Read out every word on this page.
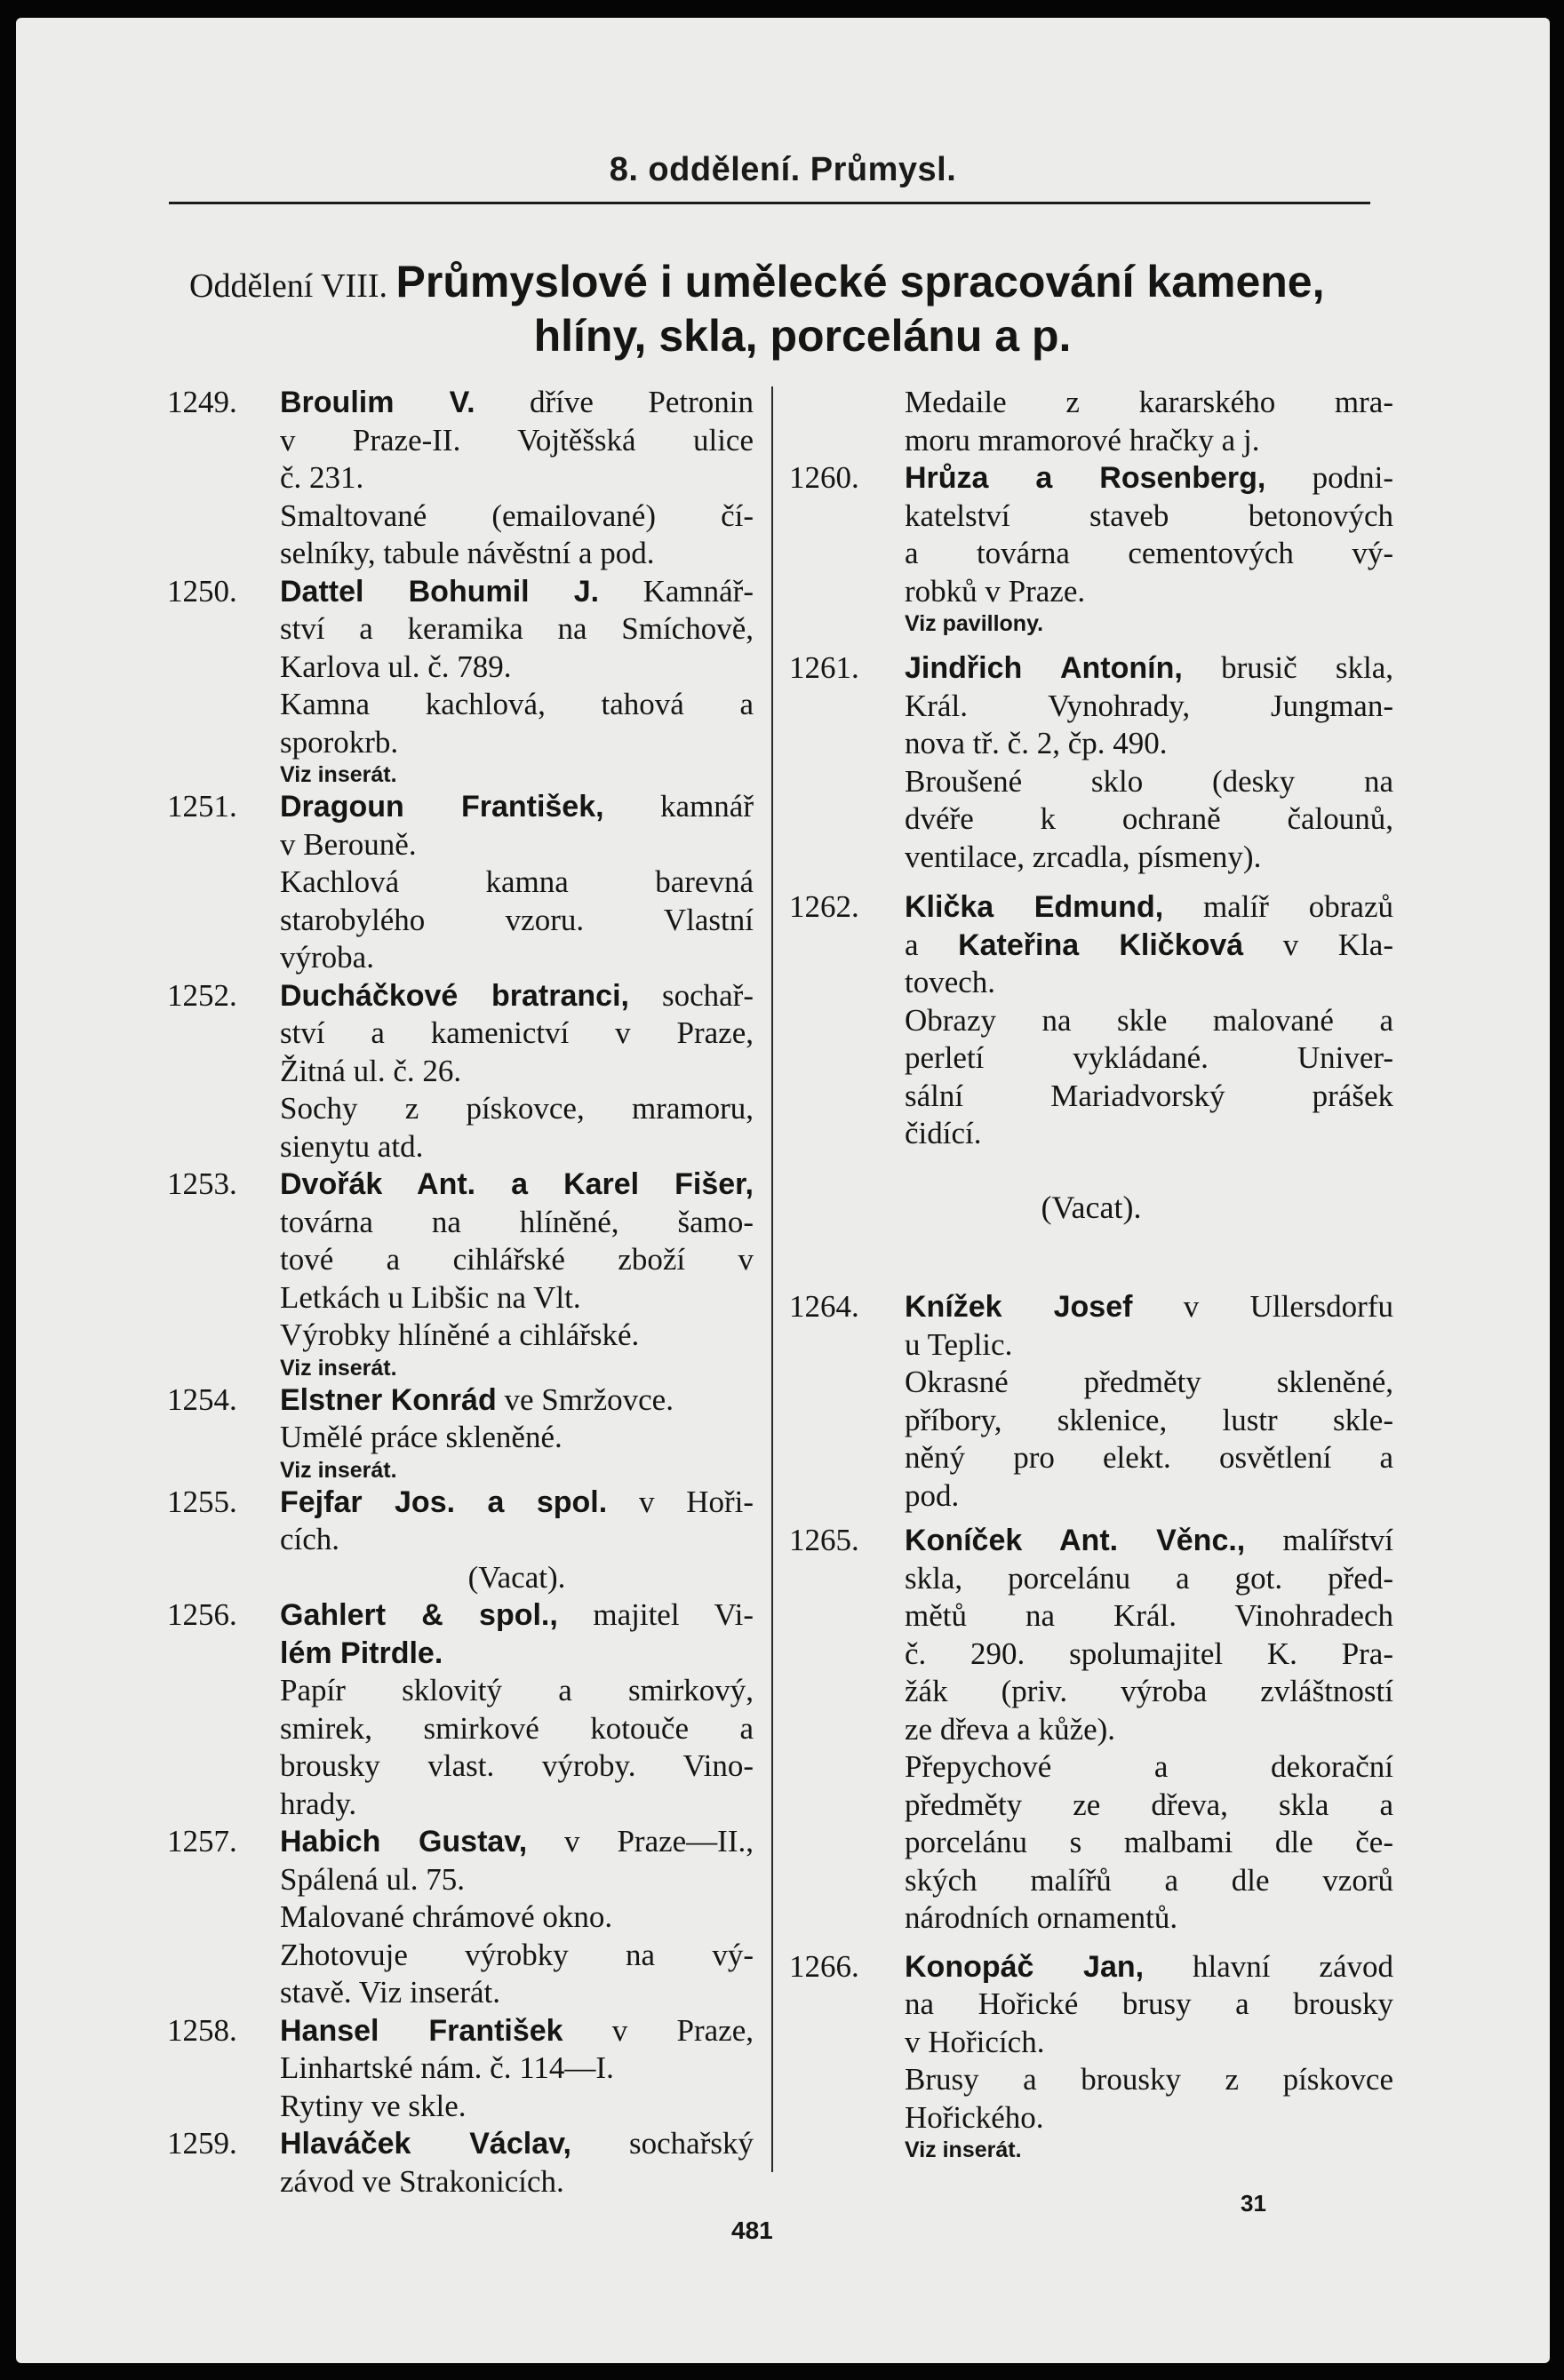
8. oddělení. Průmysl.
Oddělení VIII. Průmyslové i umělecké spracování kamene,
hlíny, skla, porcelánu a p.
1249.	Broulim V. dříve Petronin
v Praze-II. Vojtěšská ulice
č. 231.
Smaltované (emailované) čí-
selníky, tabule návěstní a pod.
1250.	Dattel Bohumil J. Kamnář-
ství a keramika na Smíchově,
Karlova ul. č. 789.
Kamna kachlová, tahová a
sporokrb.
Viz inserát.
1251.	Dragoun František, kamnář
v Berouně.
Kachlová kamna barevná
starobylého vzoru. Vlastní
výroba.
1252.	Ducháčkové bratranci, sochař-
ství a kamenictví v Praze,
Žitná ul. č. 26.
Sochy z pískovce, mramoru,
sienytu atd.
1253.	Dvořák Ant. a Karel Fišer,
továrna na hlíněné, šamo-
tové a cihlářské zboží v
Letkách u Libšic na Vlt.
Výrobky hlíněné a cihlářské.
Viz inserát.
1254.	Elstner Konrád ve Smržovce.
Umělé práce skleněné.
Viz inserát.
1255.	Fejfar Jos. a spol. v Hoři-
cích.
(Vacat).
1256.	Gahlert & spol., majitel Vi-
lém Pitrdle.
Papír sklovitý a smirkový,
smirek, smirkové kotouče a
brousky vlast. výroby. Vino-
hrady.
1257.	Habich Gustav, v Praze—II.,
Spálená ul. 75.
Malované chrámové okno.
Zhotovuje výrobky na vý-
stavě. Viz inserát.
1258.	Hansel František v Praze,
Linhartské nám. č. 114—I.
Rytiny ve skle.
1259.	Hlaváček Václav, sochařský
závod ve Strakonicích.
Medaile z kararského mra-
moru mramorové hračky a j.
1260.	Hrůza a Rosenberg, podni-
katelství staveb betonových
a továrna cementových vý-
robků v Praze.
Viz pavillony.
1261.	Jindřich Antonín, brusič skla,
Král. Vynohrady, Jungman-
nova tř. č. 2, čp. 490.
Broušené sklo (desky na
dvéře k ochraně čalounů,
ventilace, zrcadla, písmeny).
1262.	Klička Edmund, malíř obrazů
a Kateřina Kličková v Kla-
tovech.
Obrazy na skle malované a
perletí vykládané. Univer-
sální Mariadvorský prášek
čidící.
(Vacat).
1264.	Knížek Josef v Ullersdorfu
u Teplic.
Okrasné předměty skleněné,
příbory, sklenice, lustr skle-
něný pro elekt. osvětlení a
pod.
1265.	Koníček Ant. Věnc., malířství
skla, porcelánu a got. před-
mětů na Král. Vinohradech
č. 290. spolumajitel K. Pra-
žák (priv. výroba zvláštností
ze dřeva a kůže).
Přepychové a dekorační
předměty ze dřeva, skla a
porcelánu s malbami dle če-
ských malířů a dle vzorů
národních ornamentů.
1266.	Konopáč Jan, hlavní závod
na Hořické brusy a brousky
v Hořicích.
Brusy a brousky z pískovce
Hořického.
Viz inserát.
481
31
